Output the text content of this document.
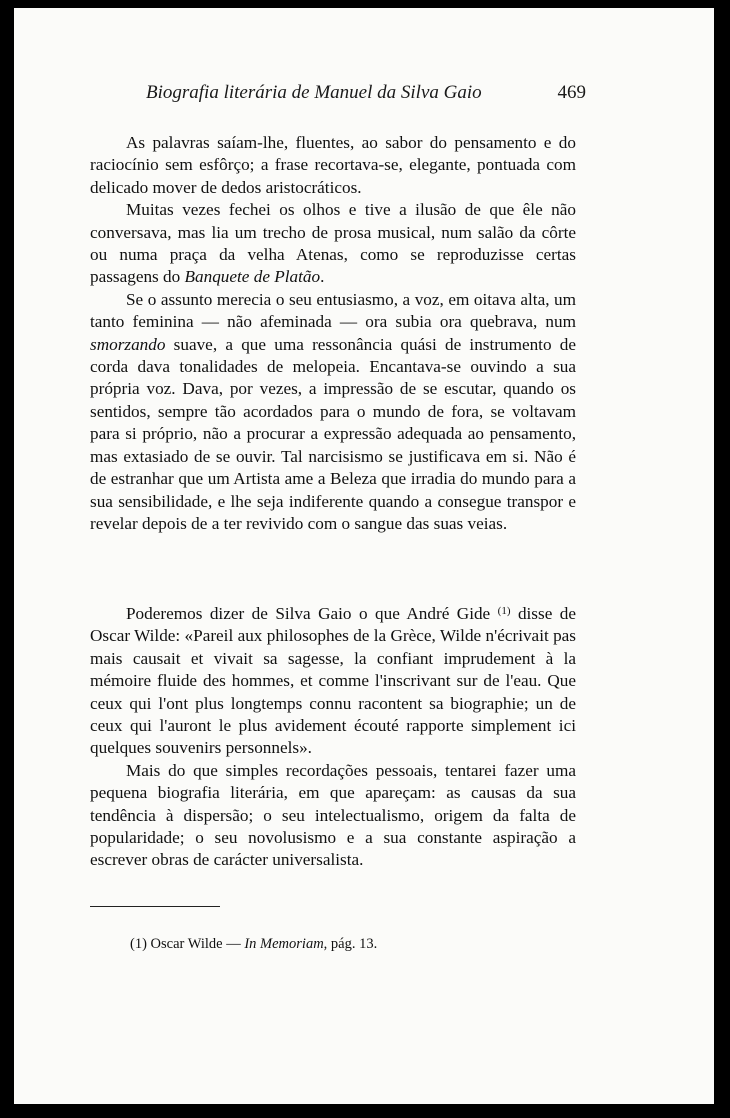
Biografia literária de Manuel da Silva Gaio	469

As palavras saíam-lhe, fluentes, ao sabor do pensamento e do raciocínio sem esfôrço; a frase recortava-se, elegante, pontuada com delicado mover de dedos aristocráticos.

Muitas vezes fechei os olhos e tive a ilusão de que êle não conversava, mas lia um trecho de prosa musical, num salão da côrte ou numa praça da velha Atenas, como se reproduzisse certas passagens do Banquete de Platão.

Se o assunto merecia o seu entusiasmo, a voz, em oitava alta, um tanto feminina — não afeminada — ora subia ora quebrava, num smorzando suave, a que uma ressonância quási de instrumento de corda dava tonalidades de melopeia. Encantava-se ouvindo a sua própria voz. Dava, por vezes, a impressão de se escutar, quando os sentidos, sempre tão acordados para o mundo de fora, se voltavam para si próprio, não a procurar a expressão adequada ao pensamento, mas extasiado de se ouvir. Tal narcisismo se justificava em si. Não é de estranhar que um Artista ame a Beleza que irradia do mundo para a sua sensibilidade, e lhe seja indiferente quando a consegue transpor e revelar depois de a ter revivido com o sangue das suas veias.

Poderemos dizer de Silva Gaio o que André Gide $^{(1)}$ disse de Oscar Wilde: «Pareil aux philosophes de la Grèce, Wilde n'écrivait pas mais causait et vivait sa sagesse, la confiant imprudement à la mémoire fluide des hommes, et comme l'inscrivant sur de l'eau. Que ceux qui l'ont plus longtemps connu racontent sa biographie; un de ceux qui l'auront le plus avidement écouté rapporte simplement ici quelques souvenirs personnels».

Mais do que simples recordações pessoais, tentarei fazer uma pequena biografia literária, em que apareçam: as causas da sua tendência à dispersão; o seu intelectualismo, origem da falta de popularidade; o seu novolusismo e a sua constante aspiração a escrever obras de carácter universalista.

(1) Oscar Wilde — In Memoriam, pág. 13.
